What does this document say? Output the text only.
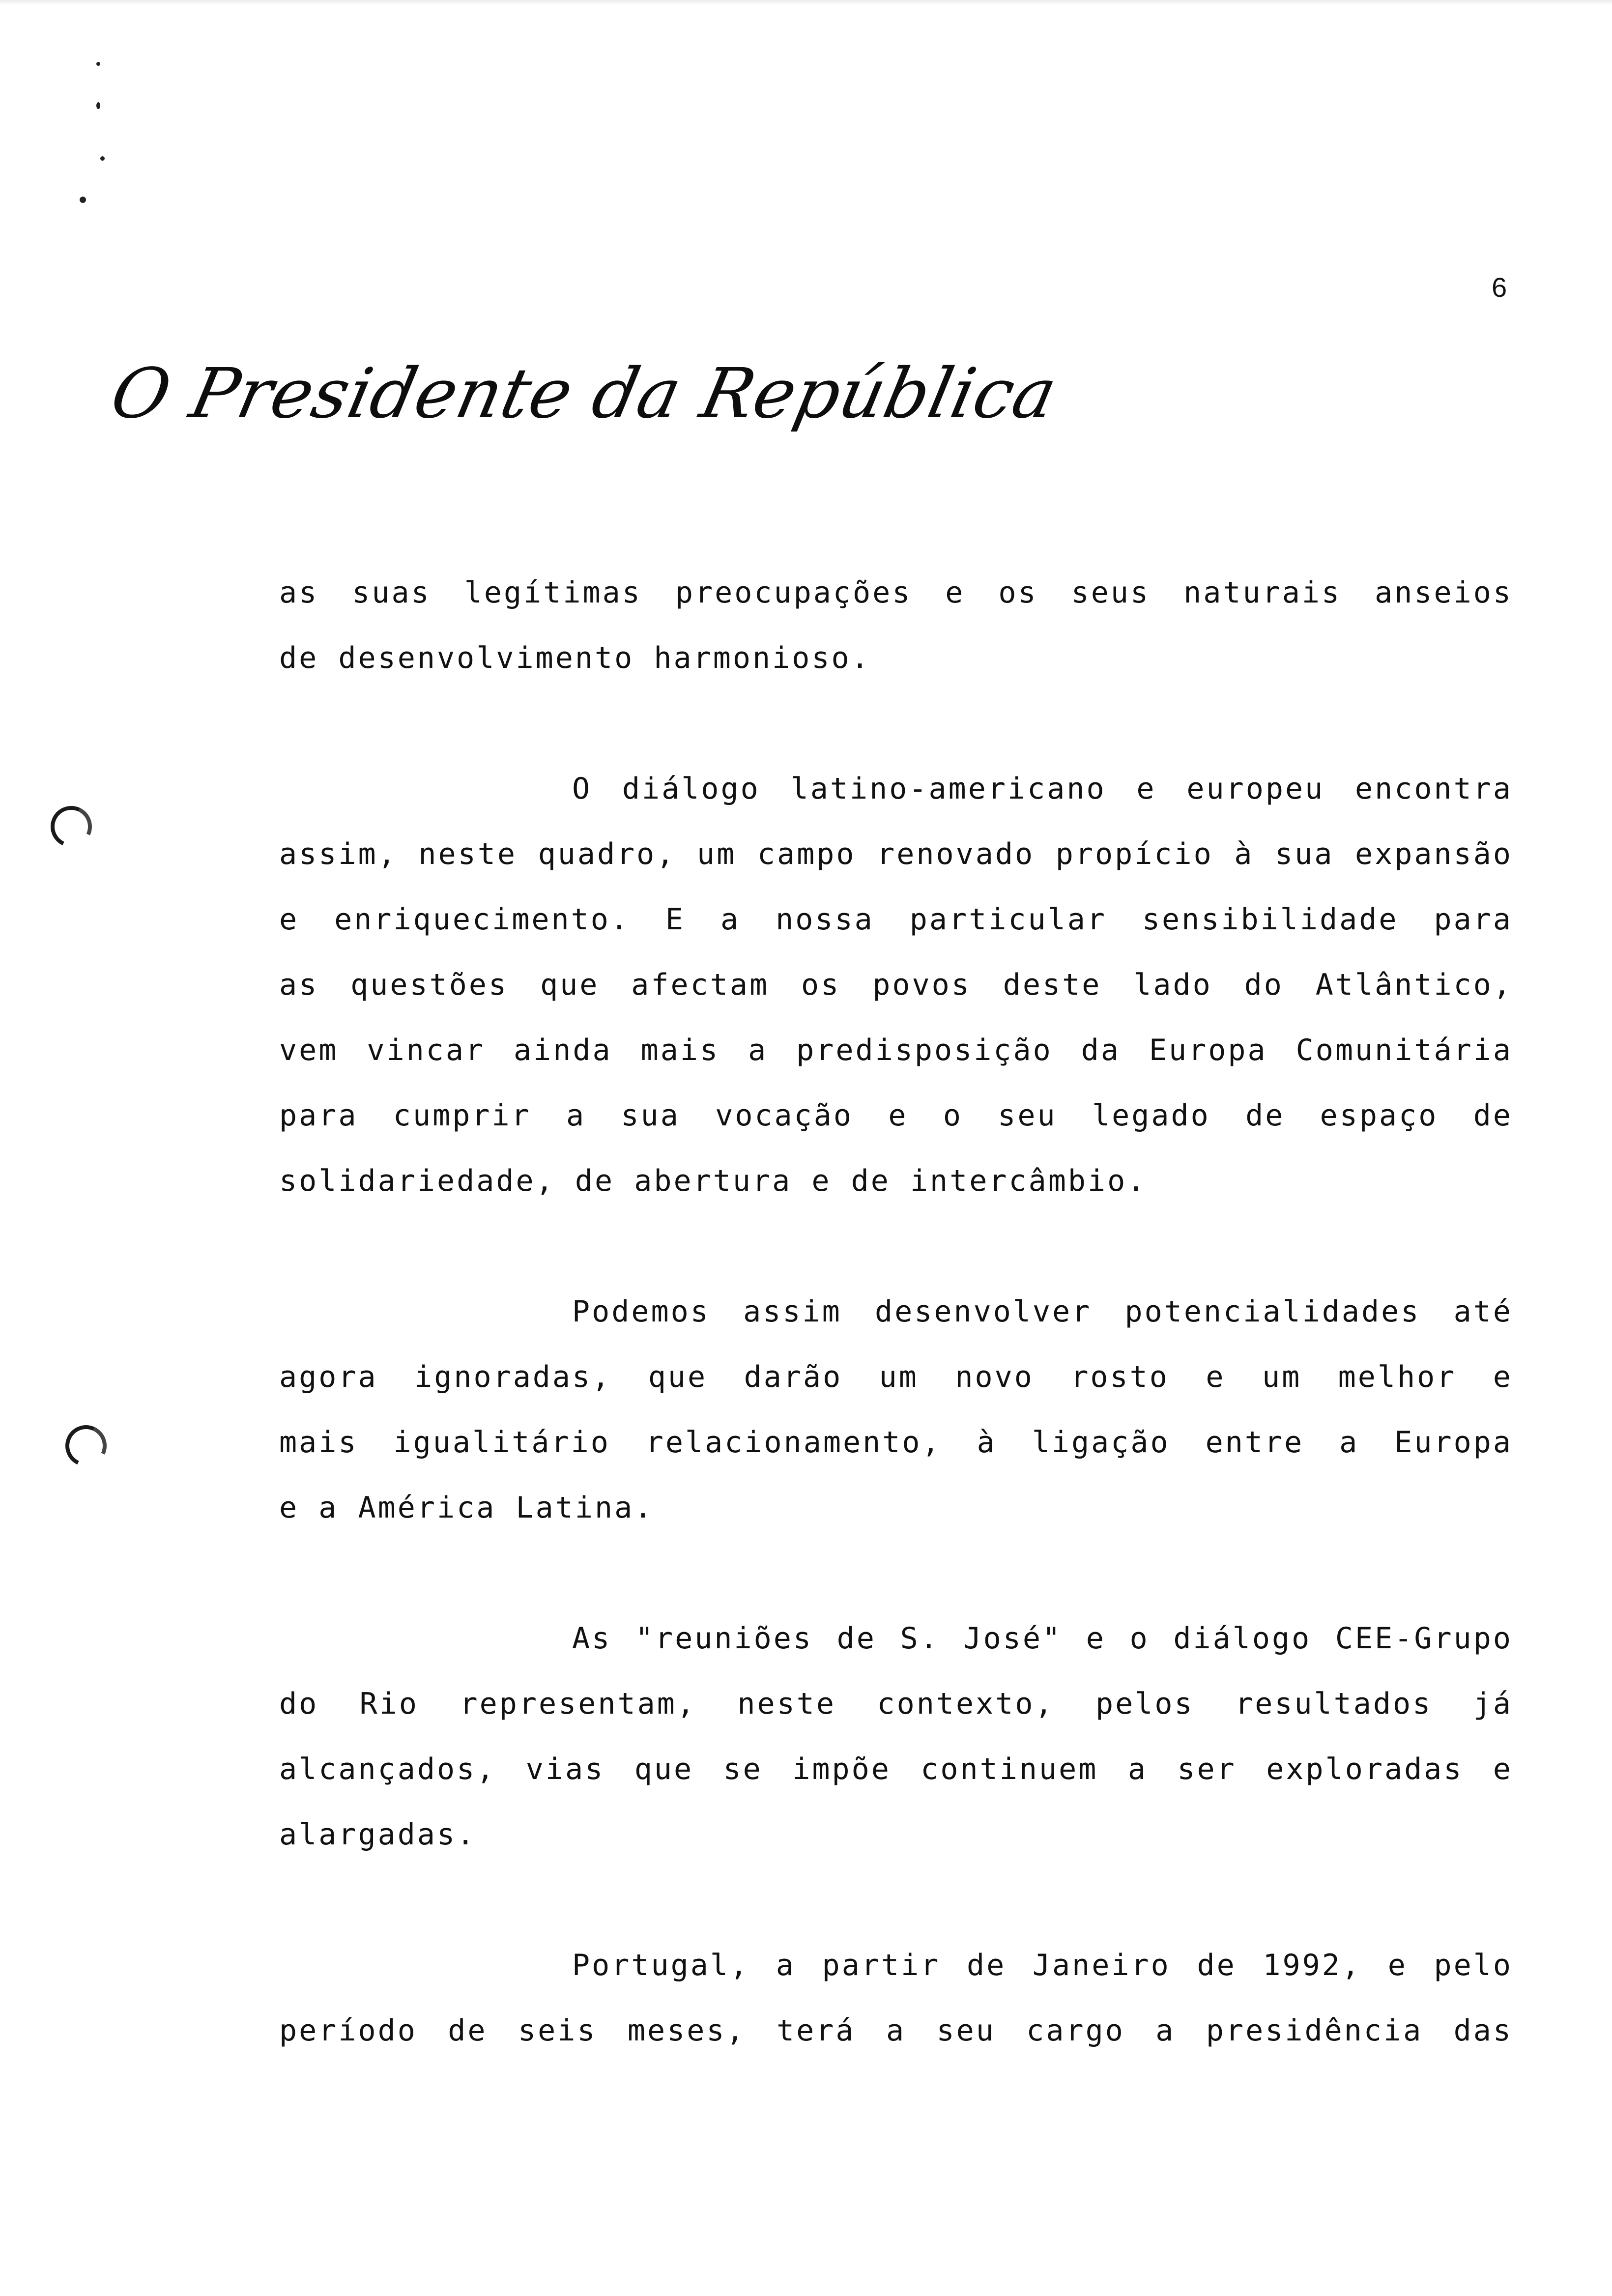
6
O Presidente da República
as suas legítimas preocupações e os seus naturais anseios
de desenvolvimento harmonioso.
O diálogo latino-americano e europeu encontra
assim, neste quadro, um campo renovado propício à sua expansão
e enriquecimento. E a nossa particular sensibilidade para
as questões que afectam os povos deste lado do Atlântico,
vem vincar ainda mais a predisposição da Europa Comunitária
para cumprir a sua vocação e o seu legado de espaço de
solidariedade, de abertura e de intercâmbio.
Podemos assim desenvolver potencialidades até
agora ignoradas, que darão um novo rosto e um melhor e
mais igualitário relacionamento, à ligação entre a Europa
e a América Latina.
As "reuniões de S. José" e o diálogo CEE-Grupo
do Rio representam, neste contexto, pelos resultados já
alcançados, vias que se impõe continuem a ser exploradas e
alargadas.
Portugal, a partir de Janeiro de 1992, e pelo
período de seis meses, terá a seu cargo a presidência das
